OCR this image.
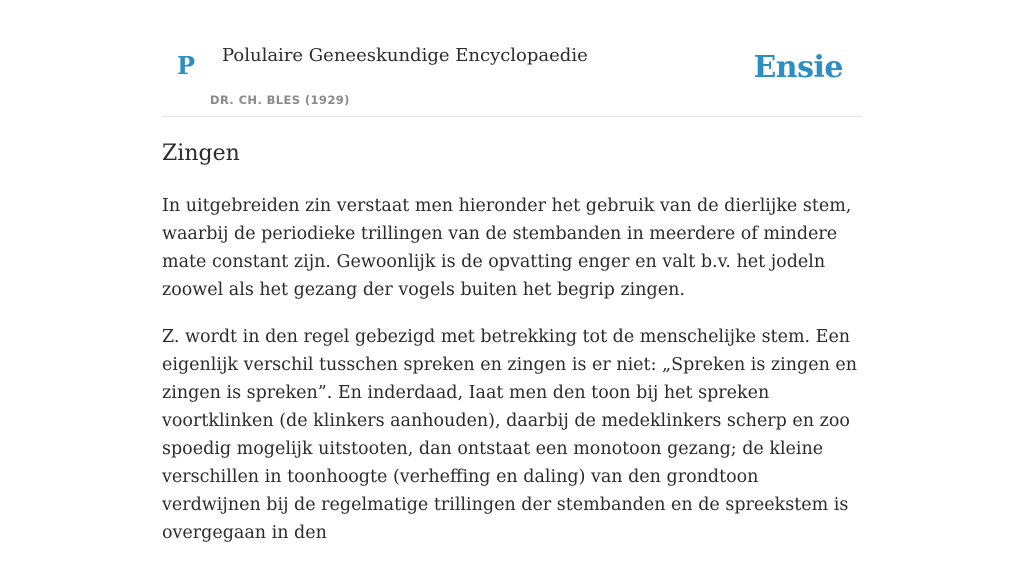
P Polulaire Geneeskundige Encyclopaedie
DR. CH. BLES (1929)
Ensie
Zingen

In uitgebreiden zin verstaat men hieronder het gebruik van de dierlijke stem, waarbij de periodieke trillingen van de stembanden in meerdere of mindere mate constant zijn. Gewoonlijk is de opvatting enger en valt b.v. het jodeln zoowel als het gezang der vogels buiten het begrip zingen.

Z. wordt in den regel gebezigd met betrekking tot de menschelijke stem. Een eigenlijk verschil tusschen spreken en zingen is er niet: „Spreken is zingen en zingen is spreken”. En inderdaad, Iaat men den toon bij het spreken voortklinken (de klinkers aanhouden), daarbij de medeklinkers scherp en zoo spoedig mogelijk uitstooten, dan ontstaat een monotoon gezang; de kleine verschillen in toonhoogte (verheffing en daling) van den grondtoon verdwijnen bij de regelmatige trillingen der stembanden en de spreekstem is overgegaan in den
